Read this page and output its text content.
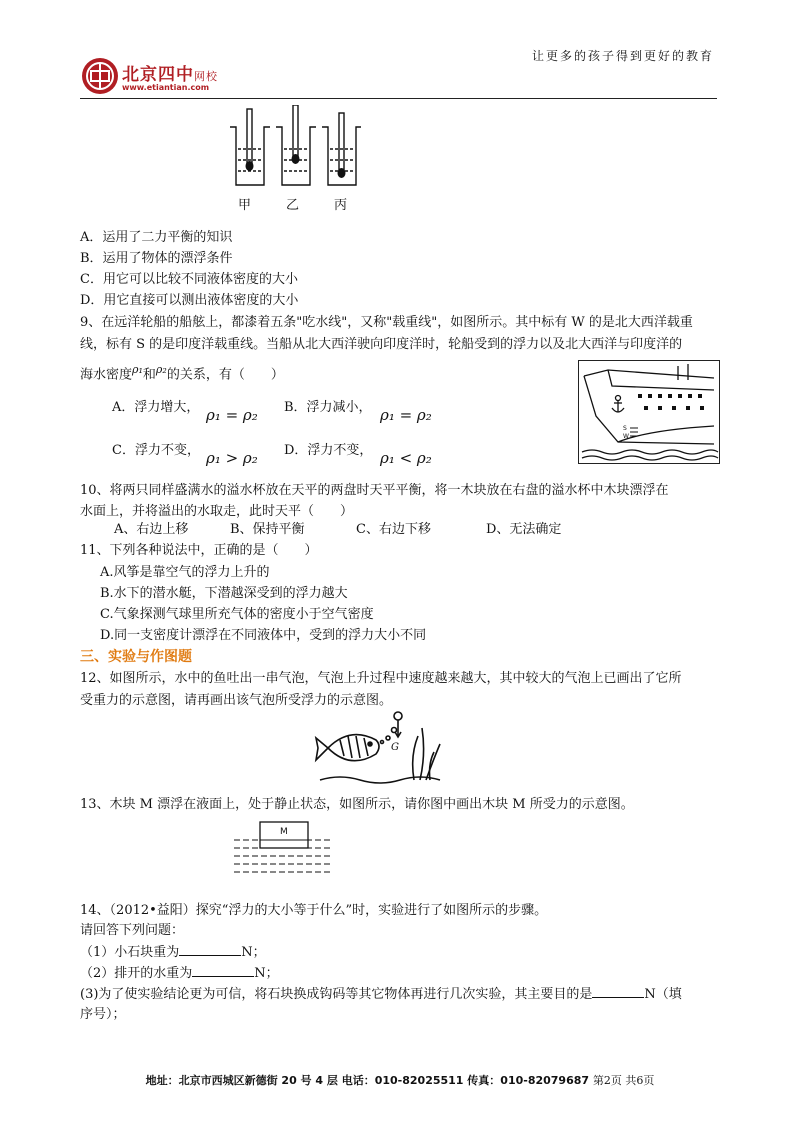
北京四中网校
www.etiantian.com
让更多的孩子得到更好的教育
甲	乙	丙
A．运用了二力平衡的知识
B．运用了物体的漂浮条件
C．用它可以比较不同液体密度的大小
D．用它直接可以测出液体密度的大小
9、在远洋轮船的船舷上，都漆着五条"吃水线"，又称"载重线"，如图所示。其中标有 W 的是北大西洋载重
线，标有 S 的是印度洋载重线。当船从北大西洋驶向印度洋时，轮船受到的浮力以及北大西洋与印度洋的
海水密度$^{\rho_1}$和$^{\rho_2}$的关系，有（　　）
A．浮力增大， ρ₁ = ρ₂ B．浮力减小， ρ₁ = ρ₂
C．浮力不变， ρ₁ > ρ₂ D．浮力不变， ρ₁ < ρ₂
S
W
10、将两只同样盛满水的溢水杯放在天平的两盘时天平平衡，将一木块放在右盘的溢水杯中木块漂浮在
水面上，并将溢出的水取走，此时天平（　　）
A、右边上移	B、保持平衡	C、右边下移	D、无法确定
11、下列各种说法中，正确的是（　　）
A.风筝是靠空气的浮力上升的
B.水下的潜水艇，下潜越深受到的浮力越大
C.气象探测气球里所充气体的密度小于空气密度
D.同一支密度计漂浮在不同液体中，受到的浮力大小不同
三、实验与作图题
12、如图所示，水中的鱼吐出一串气泡，气泡上升过程中速度越来越大，其中较大的气泡上已画出了它所
受重力的示意图，请再画出该气泡所受浮力的示意图。
G
13、木块 M 漂浮在液面上，处于静止状态，如图所示，请你图中画出木块 M 所受力的示意图。
M
14、（2012•益阳）探究“浮力的大小等于什么”时，实验进行了如图所示的步骤。
请回答下列问题：
（1）小石块重为	N；
（2）排开的水重为	N；
(3)为了使实验结论更为可信，将石块换成钩码等其它物体再进行几次实验，其主要目的是	N（填
序号）；
地址：北京市西城区新德街 20 号 4 层 电话：010-82025511 传真：010-82079687 第2页 共6页
